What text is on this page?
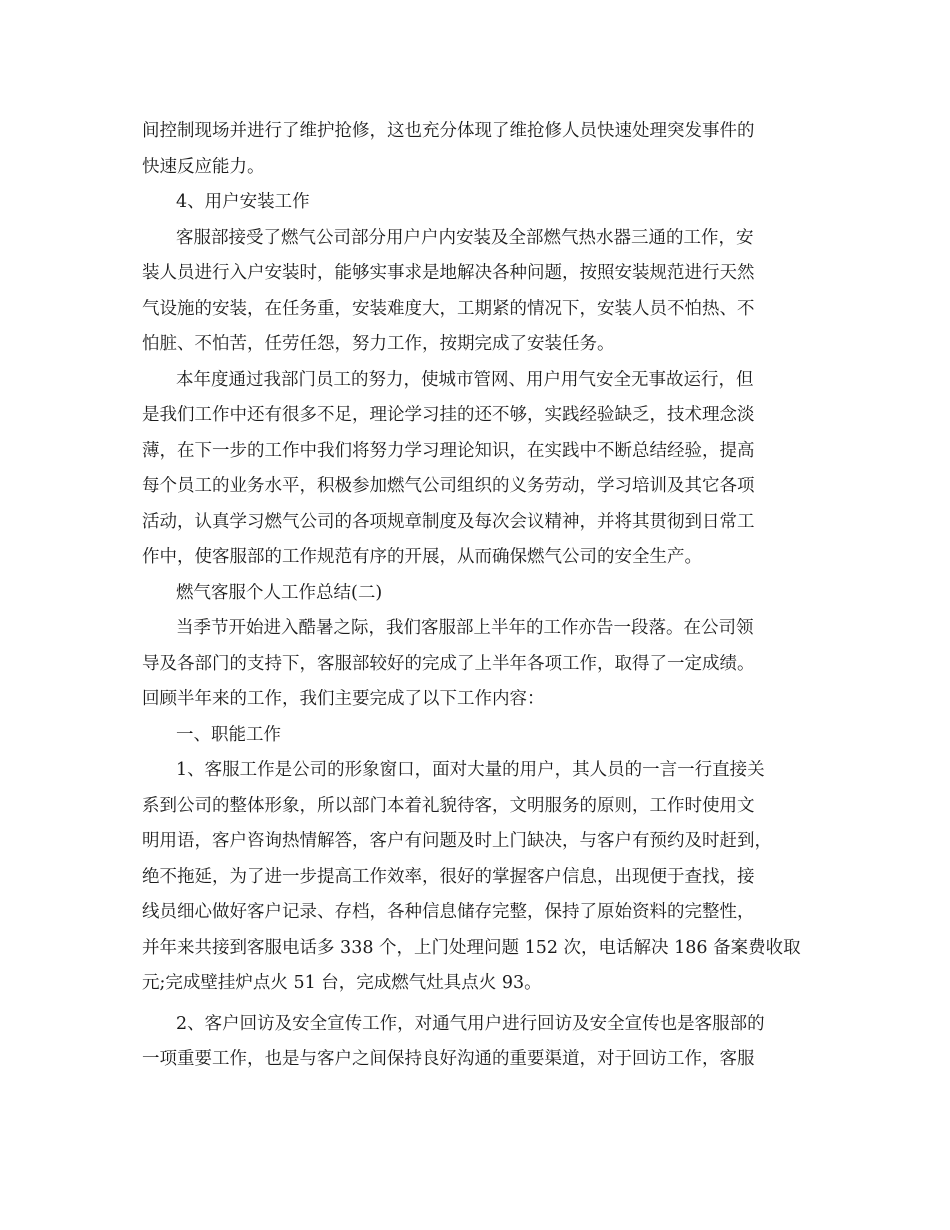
间控制现场并进行了维护抢修，这也充分体现了维抢修人员快速处理突发事件的
快速反应能力。
4、用户安装工作
客服部接受了燃气公司部分用户户内安装及全部燃气热水器三通的工作，安
装人员进行入户安装时，能够实事求是地解决各种问题，按照安装规范进行天然
气设施的安装，在任务重，安装难度大，工期紧的情况下，安装人员不怕热、不
怕脏、不怕苦，任劳任怨，努力工作，按期完成了安装任务。
本年度通过我部门员工的努力，使城市管网、用户用气安全无事故运行，但
是我们工作中还有很多不足，理论学习挂的还不够，实践经验缺乏，技术理念淡
薄，在下一步的工作中我们将努力学习理论知识，在实践中不断总结经验，提高
每个员工的业务水平，积极参加燃气公司组织的义务劳动，学习培训及其它各项
活动，认真学习燃气公司的各项规章制度及每次会议精神，并将其贯彻到日常工
作中，使客服部的工作规范有序的开展，从而确保燃气公司的安全生产。
燃气客服个人工作总结(二)
当季节开始进入酷暑之际，我们客服部上半年的工作亦告一段落。在公司领
导及各部门的支持下，客服部较好的完成了上半年各项工作，取得了一定成绩。
回顾半年来的工作，我们主要完成了以下工作内容：
一、职能工作
1、客服工作是公司的形象窗口，面对大量的用户，其人员的一言一行直接关
系到公司的整体形象，所以部门本着礼貌待客，文明服务的原则，工作时使用文
明用语，客户咨询热情解答，客户有问题及时上门缺决，与客户有预约及时赶到，
绝不拖延，为了进一步提高工作效率，很好的掌握客户信息，出现便于查找，接
线员细心做好客户记录、存档，各种信息储存完整，保持了原始资料的完整性，
并年来共接到客服电话多 338 个，上门处理问题 152 次，电话解决 186 备案费收取
元;完成壁挂炉点火 51 台，完成燃气灶具点火 93。
2、客户回访及安全宣传工作，对通气用户进行回访及安全宣传也是客服部的
一项重要工作，也是与客户之间保持良好沟通的重要渠道，对于回访工作，客服
